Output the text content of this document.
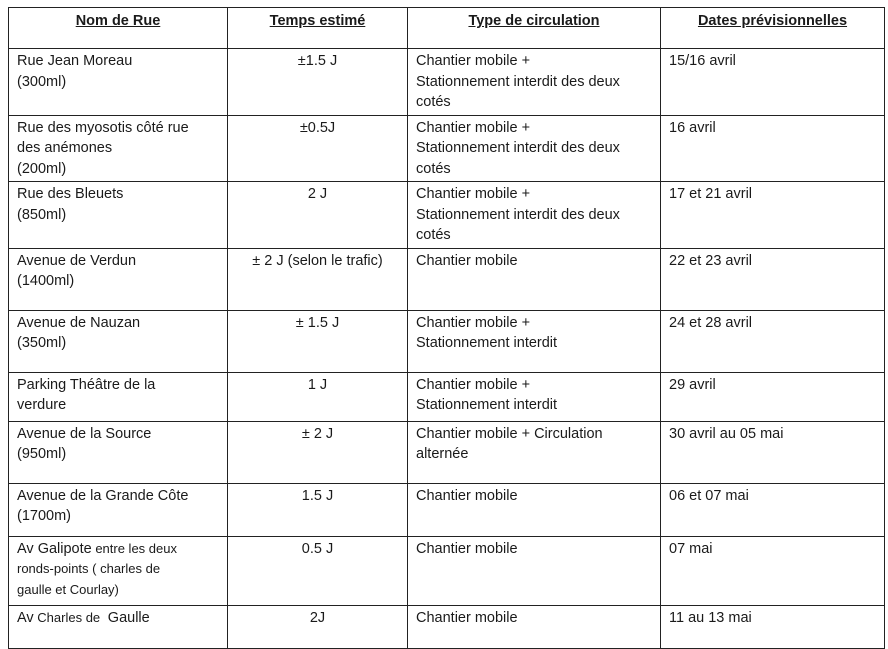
Nom de Rue	Temps estimé	Type de circulation	Dates prévisionnelles

Rue Jean Moreau
(300ml)	±1.5 J	Chantier mobile +
Stationnement interdit des deux
cotés	15/16 avril

Rue des myosotis côté rue
des anémones
(200ml)	±0.5J	Chantier mobile +
Stationnement interdit des deux
cotés	16 avril

Rue des Bleuets
(850ml)	2 J	Chantier mobile +
Stationnement interdit des deux
cotés	17 et 21 avril

Avenue de Verdun
(1400ml)	± 2 J (selon le trafic)	Chantier mobile	22 et 23 avril

Avenue de Nauzan
(350ml)	± 1.5 J	Chantier mobile +
Stationnement interdit	24 et 28 avril

Parking Théâtre de la
verdure	1 J	Chantier mobile +
Stationnement interdit	29 avril

Avenue de la Source
(950ml)	± 2 J	Chantier mobile + Circulation
alternée	30 avril au 05 mai

Avenue de la Grande Côte
(1700m)	1.5 J	Chantier mobile	06 et 07 mai
Av Galipote entre les deux
ronds-points ( charles de
gaulle et Courlay)	0.5 J	Chantier mobile	07 mai
Av Charles de  Gaulle	2J	Chantier mobile	11 au 13 mai
